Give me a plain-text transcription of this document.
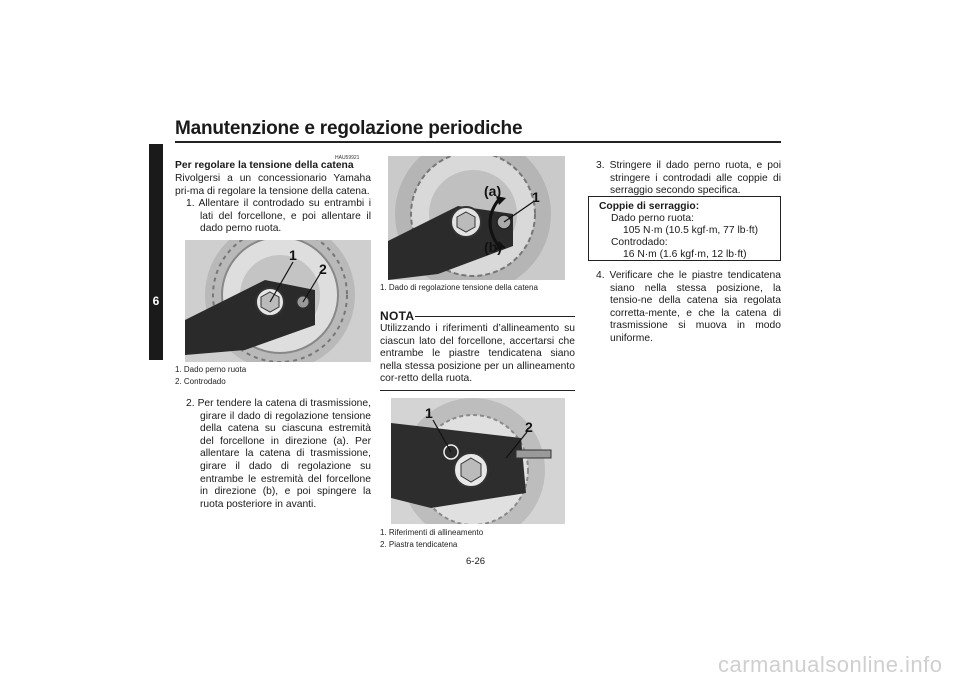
Manutenzione e regolazione periodiche
6
HAU59921
Per regolare la tensione della catena
Rivolgersi a un concessionario Yamaha pri-ma di regolare la tensione della catena.
1. Allentare il controdado su entrambi i lati del forcellone, e poi allentare il dado perno ruota.
1
2
1. Dado perno ruota
2. Controdado
2. Per tendere la catena di trasmissione, girare il dado di regolazione tensione della catena su ciascuna estremità del forcellone in direzione (a). Per allentare la catena di trasmissione, girare il dado di regolazione su entrambe le estremità del forcellone in direzione (b), e poi spingere la ruota posteriore in avanti.
(a)
(b)
1
1. Dado di regolazione tensione della catena
NOTA
Utilizzando i riferimenti d’allineamento su ciascun lato del forcellone, accertarsi che entrambe le piastre tendicatena siano nella stessa posizione per un allineamento cor-retto della ruota.
1
2
1. Riferimenti di allineamento
2. Piastra tendicatena
3. Stringere il dado perno ruota, e poi stringere i controdadi alle coppie di serraggio secondo specifica.
Coppie di serraggio:
Dado perno ruota:
105 N·m (10.5 kgf·m, 77 lb·ft)
Controdado:
16 N·m (1.6 kgf·m, 12 lb·ft)
4. Verificare che le piastre tendicatena siano nella stessa posizione, la tensio-ne della catena sia regolata corretta-mente, e che la catena di trasmissione si muova in modo uniforme.
6-26
carmanualsonline.info
